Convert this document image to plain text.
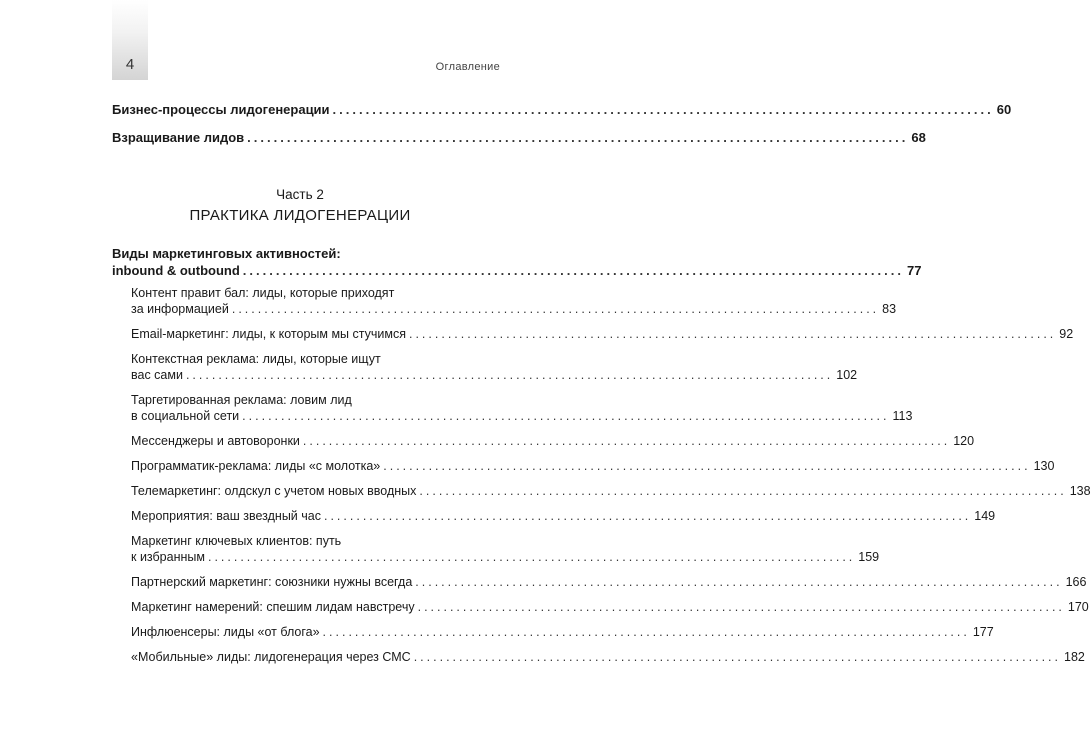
4	Оглавление
Бизнес-процессы лидогенерации .................................................................................................... 60
Взращивание лидов .................................................................................................... 68
Часть 2
ПРАКТИКА ЛИДОГЕНЕРАЦИИ
Виды маркетинговых активностей:
inbound & outbound .................................................................................................... 77
Контент правит бал: лиды, которые приходят
за информацией .................................................................................................... 83
Email-маркетинг: лиды, к которым мы стучимся .................................................................................................... 92
Контекстная реклама: лиды, которые ищут
вас сами .................................................................................................... 102
Таргетированная реклама: ловим лид
в социальной сети .................................................................................................... 113
Мессенджеры и автоворонки .................................................................................................... 120
Программатик-реклама: лиды «с молотка» .................................................................................................... 130
Телемаркетинг: олдскул с учетом новых вводных .................................................................................................... 138
Мероприятия: ваш звездный час .................................................................................................... 149
Маркетинг ключевых клиентов: путь
к избранным .................................................................................................... 159
Партнерский маркетинг: союзники нужны всегда .................................................................................................... 166
Маркетинг намерений: спешим лидам навстречу .................................................................................................... 170
Инфлюенсеры: лиды «от блога» .................................................................................................... 177
«Мобильные» лиды: лидогенерация через СМС .................................................................................................... 182
